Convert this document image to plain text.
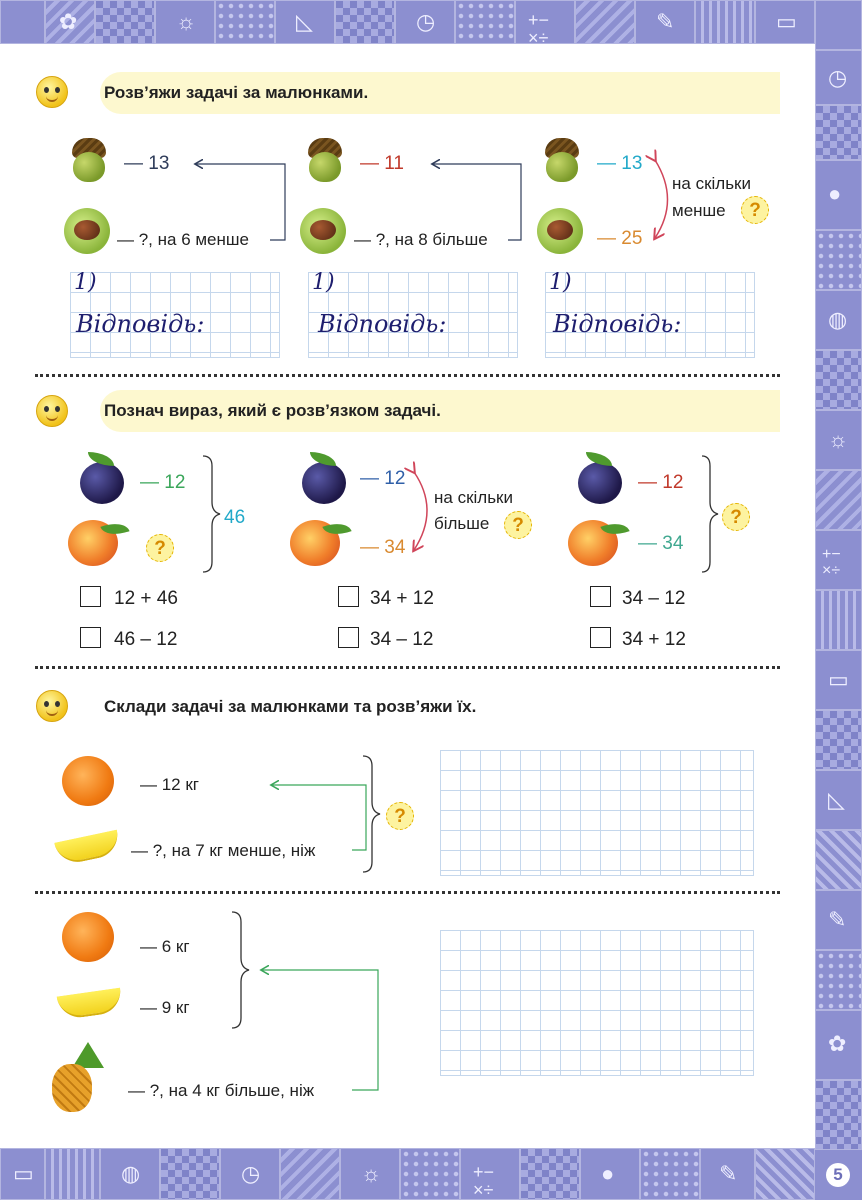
✿	☼	◺	◷	+− ×÷
✎	▭
◷
●
◍
☼
+− ×÷
▭
◺
✎
✿
▭	◍	◷	☼	+− ×÷
●	✎	5
Розв’яжи задачі за малюнками.
— 13
— ?, на 6 менше
— 11
— ?, на 8 більше
— 13
— 25
на скільки
менше	?
1)
Відповідь:
1)
Відповідь:
1)
Відповідь:
Познач вираз, який є розв’язком задачі.
— 12
?
46
12 + 46
46 – 12
— 12
— 34
на скільки
більше	?
34 + 12
34 – 12
— 12
— 34
?
34 – 12
34 + 12
Склади задачі за малюнками та розв’яжи їх.
— 12 кг
— ?, на 7 кг менше, ніж
?
— 6 кг
— 9 кг
— ?, на 4 кг більше, ніж
